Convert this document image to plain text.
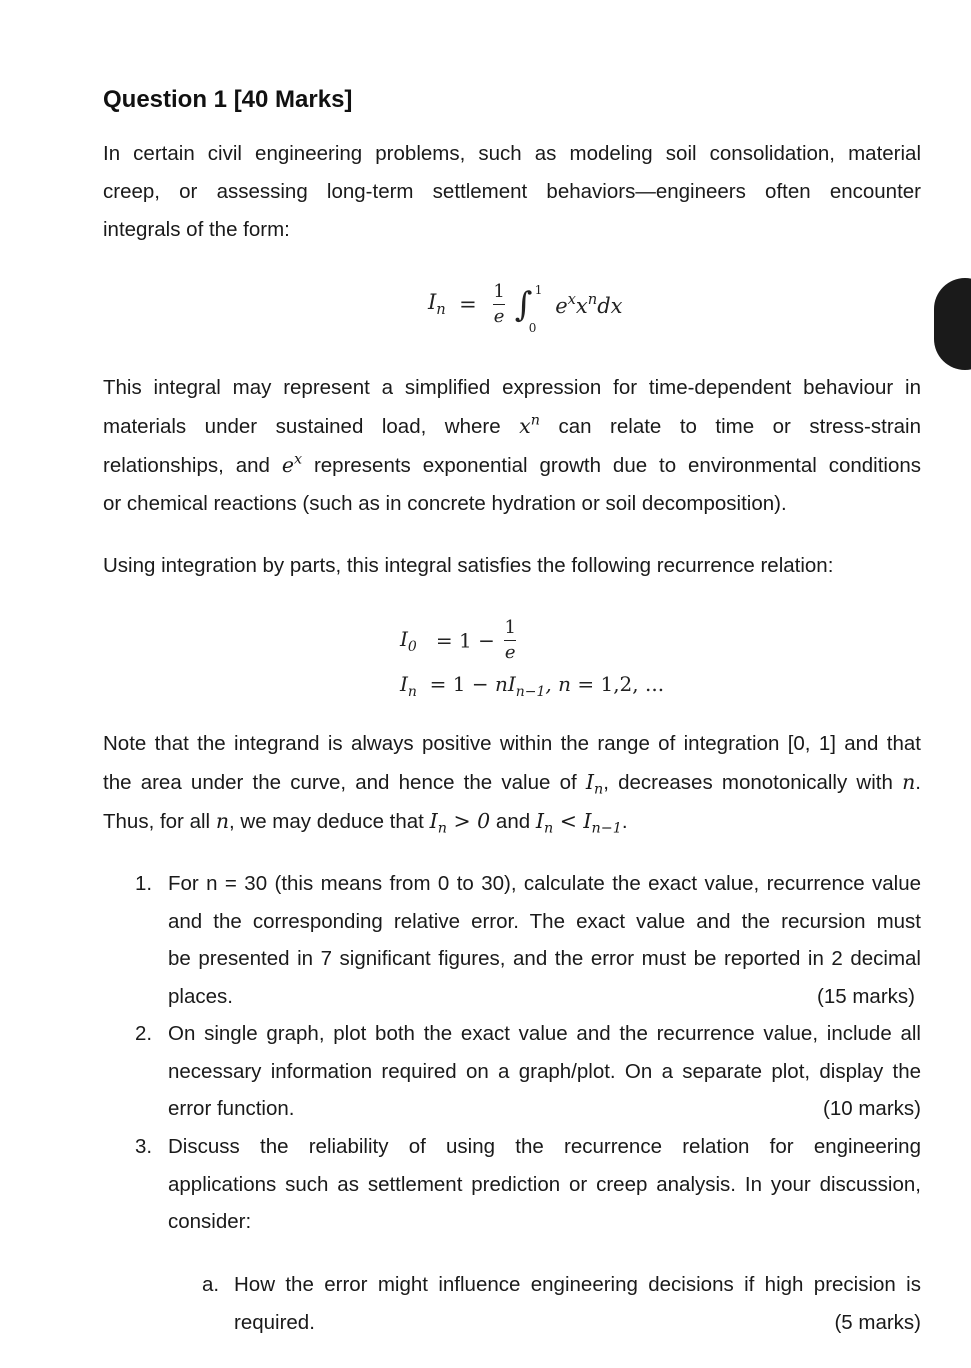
Question 1 [40 Marks]
In certain civil engineering problems, such as modeling soil consolidation, material
creep, or assessing long-term settlement behaviors—engineers often encounter
integrals of the form:
$I_n = \frac{1}{e}$ ∫ 1
0
$e^xx^ndx$
This integral may represent a simplified expression for time-dependent behaviour in
materials under sustained load, where $x^n$ can relate to time or stress-strain
relationships, and $e^x$ represents exponential growth due to environmental conditions
or chemical reactions (such as in concrete hydration or soil decomposition).
Using integration by parts, this integral satisfies the following recurrence relation:
$I_0 = 1 - \frac{1}{e}$
$I_n = 1 - nI_{n-1}$, n = 1,2, ...
Note that the integrand is always positive within the range of integration [0, 1] and that
the area under the curve, and hence the value of $I_n$, decreases monotonically with n.
Thus, for all n, we may deduce that $I_n > 0$ and $I_n < I_{n-1}$.
1. For n = 30 (this means from 0 to 30), calculate the exact value, recurrence value
and the corresponding relative error. The exact value and the recursion must
be presented in 7 significant figures, and the error must be reported in 2 decimal
places.	(15 marks)
2. On single graph, plot both the exact value and the recurrence value, include all
necessary information required on a graph/plot. On a separate plot, display the
error function.	(10 marks)
3. Discuss the reliability of using the recurrence relation for engineering
applications such as settlement prediction or creep analysis. In your discussion,
consider:
a. How the error might influence engineering decisions if high precision is
required.	(5 marks)
